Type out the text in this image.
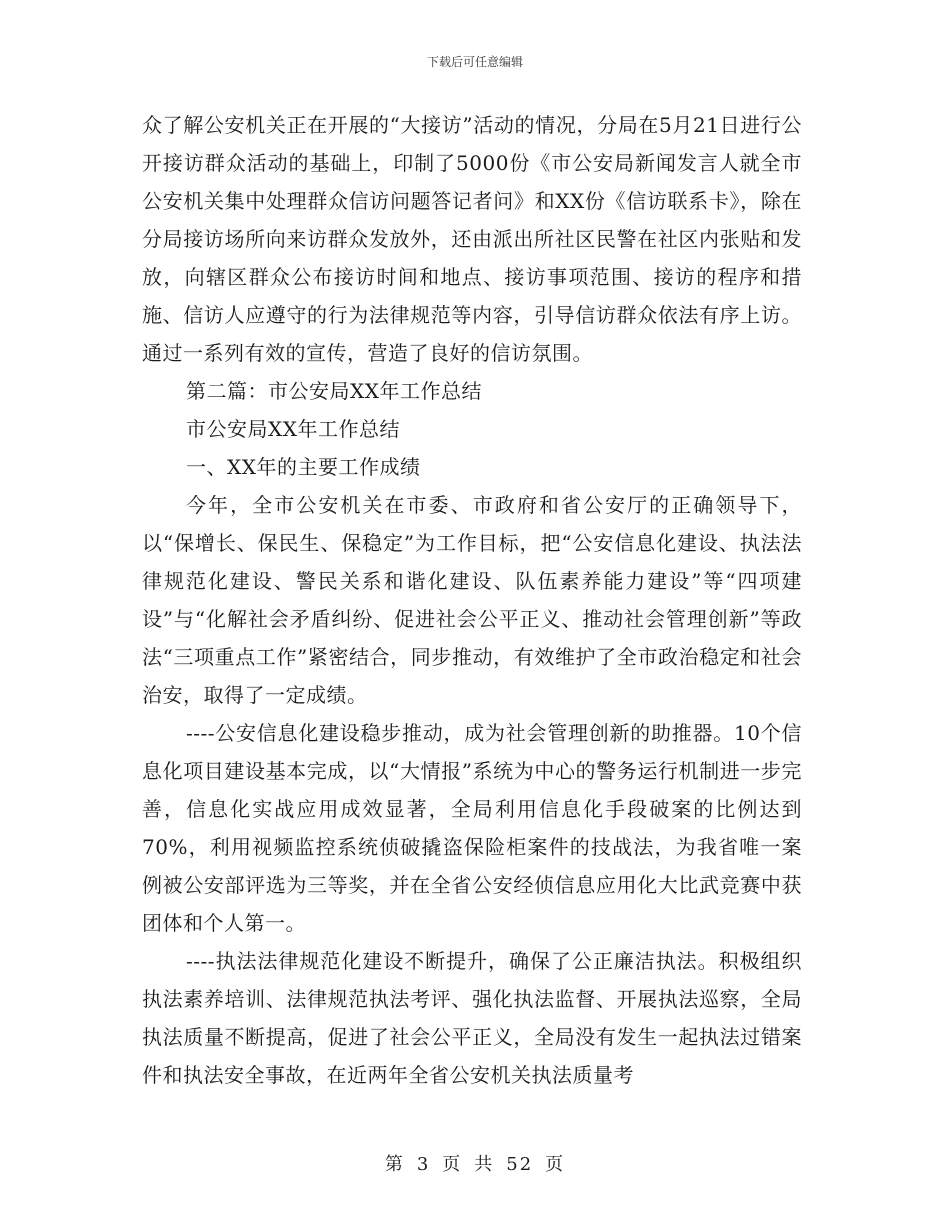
下载后可任意编辑

众了解公安机关正在开展的“大接访”活动的情况，分局在5月21日进行公开接访群众活动的基础上，印制了5000份《市公安局新闻发言人就全市公安机关集中处理群众信访问题答记者问》和XX份《信访联系卡》，除在分局接访场所向来访群众发放外，还由派出所社区民警在社区内张贴和发放，向辖区群众公布接访时间和地点、接访事项范围、接访的程序和措施、信访人应遵守的行为法律规范等内容，引导信访群众依法有序上访。通过一系列有效的宣传，营造了良好的信访氛围。

第二篇：市公安局XX年工作总结

市公安局XX年工作总结

一、XX年的主要工作成绩

今年，全市公安机关在市委、市政府和省公安厅的正确领导下，以“保增长、保民生、保稳定”为工作目标，把“公安信息化建设、执法法律规范化建设、警民关系和谐化建设、队伍素养能力建设”等“四项建设”与“化解社会矛盾纠纷、促进社会公平正义、推动社会管理创新”等政法“三项重点工作”紧密结合，同步推动，有效维护了全市政治稳定和社会治安，取得了一定成绩。

----公安信息化建设稳步推动，成为社会管理创新的助推器。10个信息化项目建设基本完成，以“大情报”系统为中心的警务运行机制进一步完善，信息化实战应用成效显著，全局利用信息化手段破案的比例达到70%，利用视频监控系统侦破撬盗保险柜案件的技战法，为我省唯一案例被公安部评选为三等奖，并在全省公安经侦信息应用化大比武竞赛中获团体和个人第一。

----执法法律规范化建设不断提升，确保了公正廉洁执法。积极组织执法素养培训、法律规范执法考评、强化执法监督、开展执法巡察，全局执法质量不断提高，促进了社会公平正义，全局没有发生一起执法过错案件和执法安全事故，在近两年全省公安机关执法质量考

第 3 页 共 52 页
